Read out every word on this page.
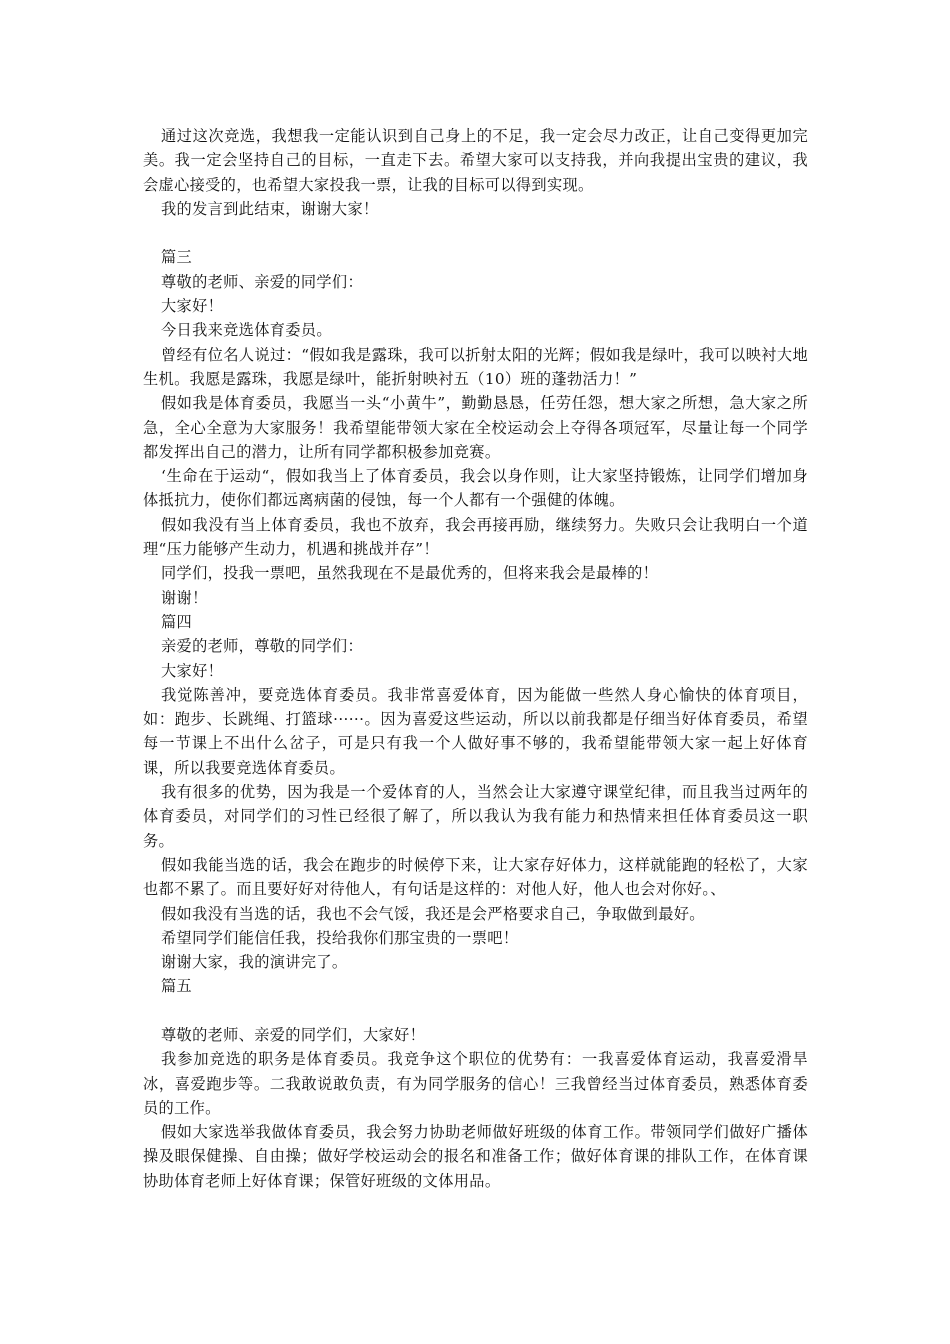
通过这次竞选，我想我一定能认识到自己身上的不足，我一定会尽力改正，让自己变得更加完美。我一定会坚持自己的目标，一直走下去。希望大家可以支持我，并向我提出宝贵的建议，我会虚心接受的，也希望大家投我一票，让我的目标可以得到实现。

我的发言到此结束，谢谢大家！

篇三

尊敬的老师、亲爱的同学们：

大家好！

今日我来竞选体育委员。

曾经有位名人说过：“假如我是露珠，我可以折射太阳的光辉；假如我是绿叶，我可以映衬大地生机。我愿是露珠，我愿是绿叶，能折射映衬五（10）班的蓬勃活力！”

假如我是体育委员，我愿当一头“小黄牛”，勤勤恳恳，任劳任怨，想大家之所想，急大家之所急，全心全意为大家服务！我希望能带领大家在全校运动会上夺得各项冠军，尽量让每一个同学都发挥出自己的潜力，让所有同学都积极参加竞赛。

‘生命在于运动“，假如我当上了体育委员，我会以身作则，让大家坚持锻炼，让同学们增加身体抵抗力，使你们都远离病菌的侵蚀，每一个人都有一个强健的体魄。

假如我没有当上体育委员，我也不放弃，我会再接再励，继续努力。失败只会让我明白一个道理“压力能够产生动力，机遇和挑战并存”！

同学们，投我一票吧，虽然我现在不是最优秀的，但将来我会是最棒的！

谢谢！

篇四

亲爱的老师，尊敬的同学们：

大家好！

我觉陈善冲，要竞选体育委员。我非常喜爱体育，因为能做一些然人身心愉快的体育项目，如：跑步、长跳绳、打篮球······。因为喜爱这些运动，所以以前我都是仔细当好体育委员，希望每一节课上不出什么岔子，可是只有我一个人做好事不够的，我希望能带领大家一起上好体育课，所以我要竞选体育委员。

我有很多的优势，因为我是一个爱体育的人，当然会让大家遵守课堂纪律，而且我当过两年的体育委员，对同学们的习性已经很了解了，所以我认为我有能力和热情来担任体育委员这一职务。

假如我能当选的话，我会在跑步的时候停下来，让大家存好体力，这样就能跑的轻松了，大家也都不累了。而且要好好对待他人，有句话是这样的：对他人好，他人也会对你好。、

假如我没有当选的话，我也不会气馁，我还是会严格要求自己，争取做到最好。

希望同学们能信任我，投给我你们那宝贵的一票吧！

谢谢大家，我的演讲完了。

篇五

尊敬的老师、亲爱的同学们，大家好！

我参加竞选的职务是体育委员。我竞争这个职位的优势有：一我喜爱体育运动，我喜爱滑旱冰，喜爱跑步等。二我敢说敢负责，有为同学服务的信心！三我曾经当过体育委员，熟悉体育委员的工作。

假如大家选举我做体育委员，我会努力协助老师做好班级的体育工作。带领同学们做好广播体操及眼保健操、自由操；做好学校运动会的报名和准备工作；做好体育课的排队工作，在体育课协助体育老师上好体育课；保管好班级的文体用品。
